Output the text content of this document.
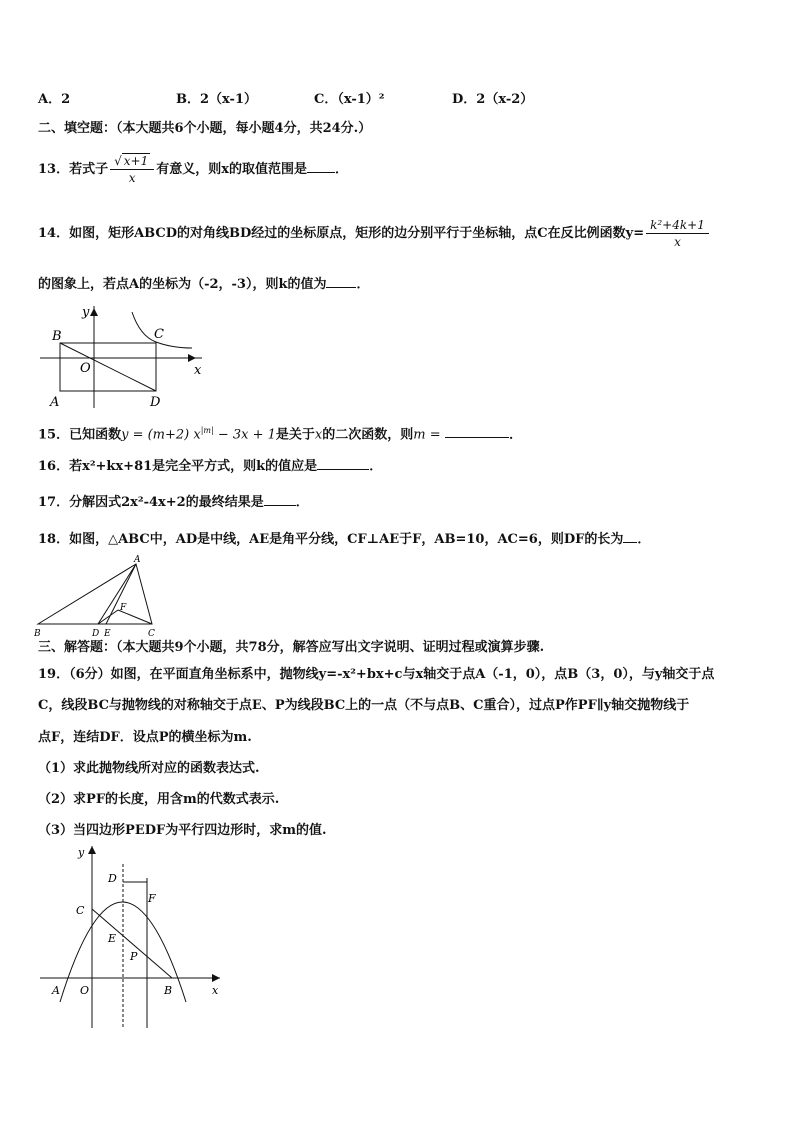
A．2	B．2（x-1）	C．（x-1）²	D．2（x-2）
二、填空题：（本大题共6个小题，每小题4分，共24分.）
13．若式子 $\frac{√ x+1}{x}$ 有意义，则x的取值范围是 ．
14．如图，矩形ABCD的对角线BD经过的坐标原点，矩形的边分别平行于坐标轴，点C在反比例函数$y= \frac{\text{k²+4k+1}}{x}$
的图象上，若点A的坐标为（-2，-3），则k的值为 ．
B	C
O
A	D
x
y
15．已知函数y = (m+2) $x^{|m|} - 3x + 1$是关于x的二次函数，则m =	．
16．若x²+kx+81是完全平方式，则k的值应是	．
17．分解因式2x²-4x+2的最终结果是 ．
18．如图，△ABC中，AD是中线，AE是角平分线，CF⊥AE于F，AB=10，AC=6，则DF的长为 ．
A
B	C
D E
F
三、解答题：（本大题共9个小题，共78分，解答应写出文字说明、证明过程或演算步骤.
19．（6分）如图，在平面直角坐标系中，抛物线y=-x²+bx+c与x轴交于点A（-1，0），点B（3，0），与y轴交于点
C，线段BC与抛物线的对称轴交于点E、P为线段BC上的一点（不与点B、C重合），过点P作PF∥y轴交抛物线于
点F，连结DF．设点P的横坐标为m.
（1）求此抛物线所对应的函数表达式.
（2）求PF的长度，用含m的代数式表示.
（3）当四边形PEDF为平行四边形时，求m的值.
y
x
D
F
C
E
P
A O	B
